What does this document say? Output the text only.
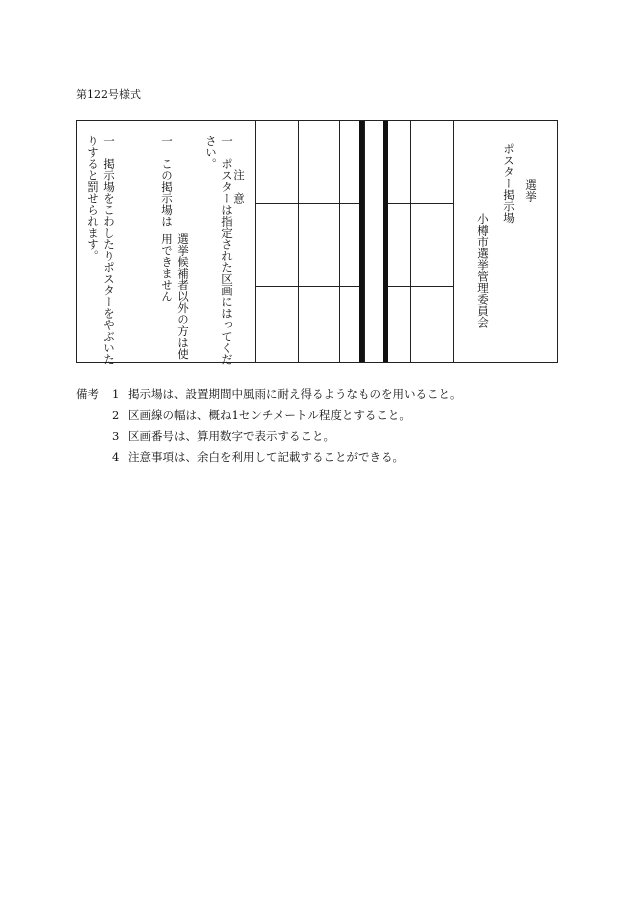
第122号様式
注　意
一　ポスターは指定された区画にはってください。
一　この掲示場は
選挙候補者以外の方は使用できません
一　掲示場をこわしたりポスターをやぶいたりすると罰せられます。	選挙
ポスター掲示場
小樽市選挙管理委員会
備考	1 掲示場は、設置期間中風雨に耐え得るようなものを用いること。
2 区画線の幅は、概ね1センチメートル程度とすること。
3 区画番号は、算用数字で表示すること。
4 注意事項は、余白を利用して記載することができる。
